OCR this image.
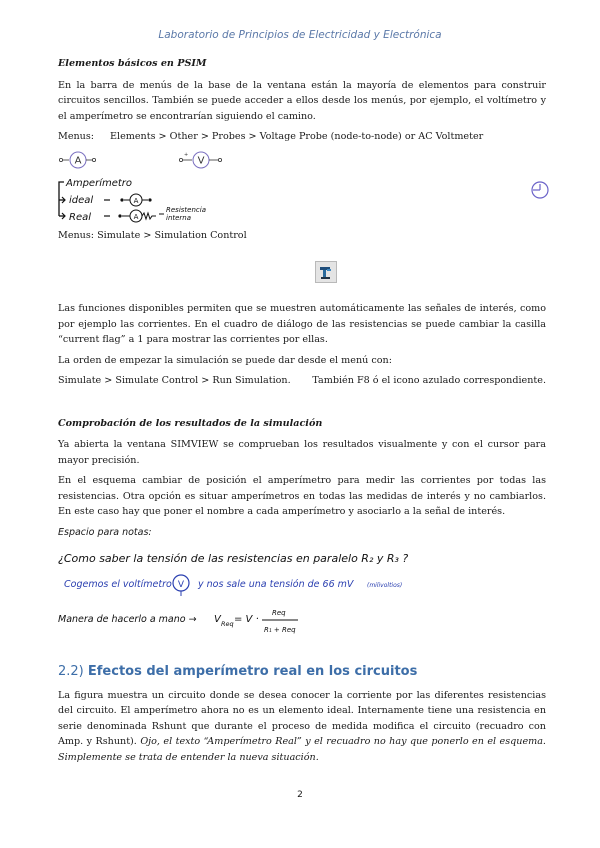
Laboratorio de Principios de Electricidad y Electrónica
Elementos básicos en PSIM

En la barra de menús de la base de la ventana están la mayoría de elementos para construir circuitos sencillos. También se puede acceder a ellos desde los menús, por ejemplo, el voltímetro y el amperímetro se encontrarían siguiendo el camino.

Menus: Elements > Other > Probes > Voltage Probe (node-to-node) or AC Voltmeter
A
+
V
Amperímetro
ideal	A
Real	A
Resistencia
interna
Menus: Simulate > Simulation Control

Las funciones disponibles permiten que se muestren automáticamente las señales de interés, como por ejemplo las corrientes. En el cuadro de diálogo de las resistencias se puede cambiar la casilla “current flag” a 1 para mostrar las corrientes por ellas.

La orden de empezar la simulación se puede dar desde el menú con:

Simulate > Simulate Control > Run Simulation. También F8 ó el icono azulado correspondiente.
Comprobación de los resultados de la simulación

Ya abierta la ventana SIMVIEW se comprueban los resultados visualmente y con el cursor para mayor precisión.

En el esquema cambiar de posición el amperímetro para medir las corrientes por todas las resistencias. Otra opción es situar amperímetros en todas las medidas de interés y no cambiarlos. En este caso hay que poner el nombre a cada amperímetro y asociarlo a la señal de interés.

Espacio para notas:
¿Como saber la tensión de las resistencias en paralelo R₂ y R₃ ?
Cogemos el voltímetro V y nos sale una tensión de 66 mV (milivoltios)
Manera de hacerlo a mano → V Req = V ·
Req
R₁ + Req
2.2) Efectos del amperímetro real en los circuitos

La figura muestra un circuito donde se desea conocer la corriente por las diferentes resistencias del circuito. El amperímetro ahora no es un elemento ideal. Internamente tiene una resistencia en serie denominada Rshunt que durante el proceso de medida modifica el circuito (recuadro con Amp. y Rshunt). Ojo, el texto “Amperímetro Real” y el recuadro no hay que ponerlo en el esquema. Simplemente se trata de entender la nueva situación.

2
